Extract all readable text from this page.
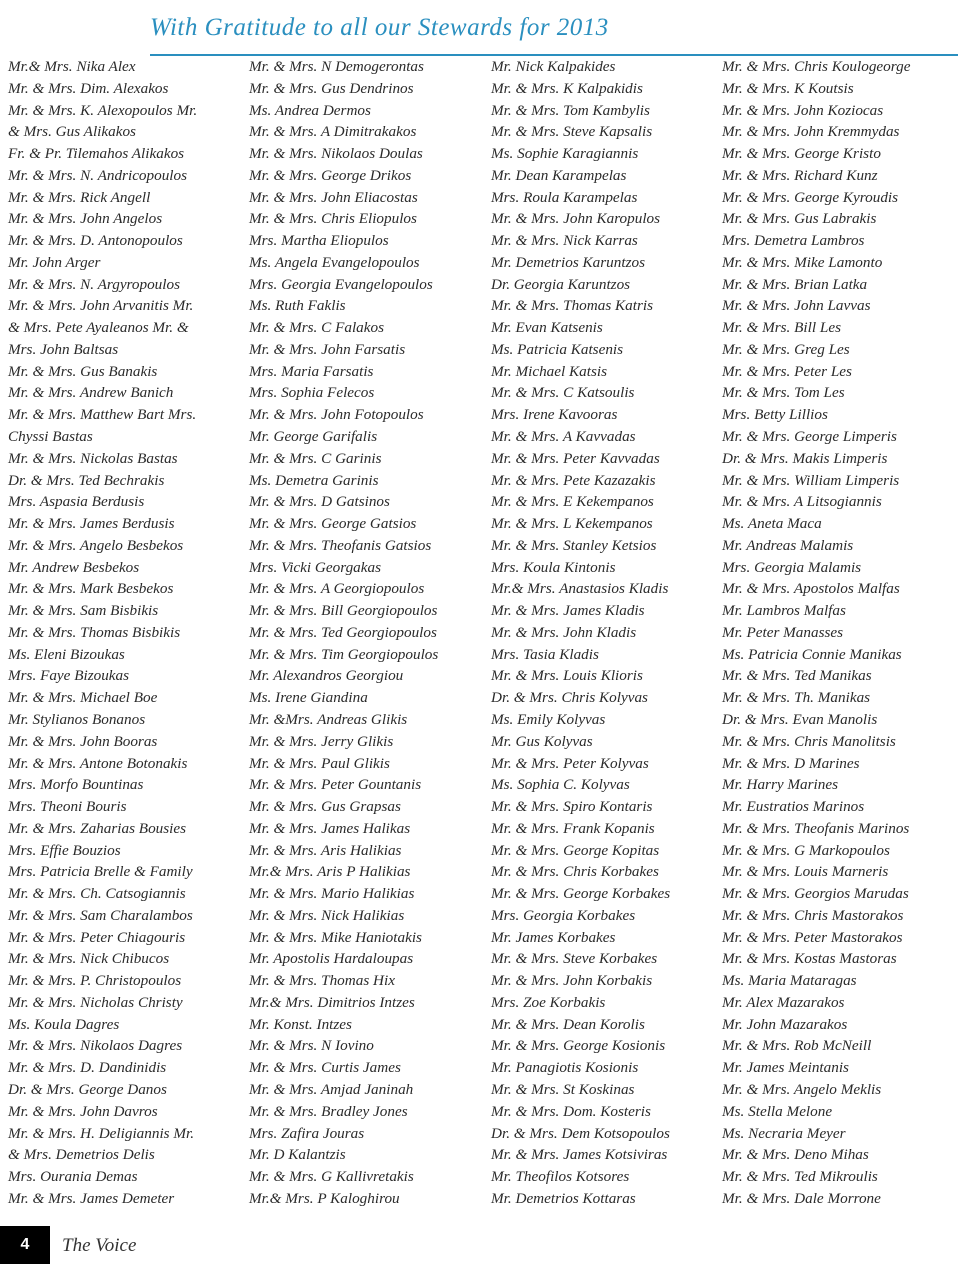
With Gratitude to all our Stewards for 2013
Mr.& Mrs. Nika Alex
Mr. & Mrs. Dim. Alexakos
Mr. & Mrs. K. Alexopoulos Mr.
& Mrs. Gus Alikakos
Fr. & Pr. Tilemahos Alikakos
Mr. & Mrs. N. Andricopoulos
Mr. & Mrs. Rick Angell
Mr. & Mrs. John Angelos
Mr. & Mrs. D. Antonopoulos
Mr. John Arger
Mr. & Mrs. N. Argyropoulos
Mr. & Mrs. John Arvanitis Mr.
& Mrs. Pete Ayaleanos Mr. &
Mrs. John Baltsas
Mr. & Mrs. Gus Banakis
Mr. & Mrs. Andrew Banich
Mr. & Mrs. Matthew Bart Mrs.
Chyssi Bastas
Mr. & Mrs. Nickolas Bastas
Dr. & Mrs. Ted Bechrakis
Mrs. Aspasia Berdusis
Mr. & Mrs. James Berdusis
Mr. & Mrs. Angelo Besbekos
Mr. Andrew Besbekos
Mr. & Mrs. Mark Besbekos
Mr. & Mrs. Sam Bisbikis
Mr. & Mrs. Thomas Bisbikis
Ms. Eleni Bizoukas
Mrs. Faye Bizoukas
Mr. & Mrs. Michael Boe
Mr. Stylianos Bonanos
Mr. & Mrs. John Booras
Mr. & Mrs. Antone Botonakis
Mrs. Morfo Bountinas
Mrs. Theoni Bouris
Mr. & Mrs. Zaharias Bousies
Mrs. Effie Bouzios
Mrs. Patricia Brelle & Family
Mr. & Mrs. Ch. Catsogiannis
Mr. & Mrs. Sam Charalambos
Mr. & Mrs. Peter Chiagouris
Mr. & Mrs. Nick Chibucos
Mr. & Mrs. P. Christopoulos
Mr. & Mrs. Nicholas Christy
Ms. Koula Dagres
Mr. & Mrs. Nikolaos Dagres
Mr. & Mrs. D. Dandinidis
Dr. & Mrs. George Danos
Mr. & Mrs. John Davros
Mr. & Mrs. H. Deligiannis Mr.
& Mrs. Demetrios Delis
Mrs. Ourania Demas
Mr. & Mrs. James Demeter
Mr. & Mrs. N Demogerontas
Mr. & Mrs. Gus Dendrinos
Ms. Andrea Dermos
Mr. & Mrs. A Dimitrakakos
Mr. & Mrs. Nikolaos Doulas
Mr. & Mrs. George Drikos
Mr. & Mrs. John Eliacostas
Mr. & Mrs. Chris Eliopulos
Mrs. Martha Eliopulos
Ms. Angela Evangelopoulos
Mrs. Georgia Evangelopoulos
Ms. Ruth Faklis
Mr. & Mrs. C Falakos
Mr. & Mrs. John Farsatis
Mrs. Maria Farsatis
Mrs. Sophia Felecos
Mr. & Mrs. John Fotopoulos
Mr. George Garifalis
Mr. & Mrs. C Garinis
Ms. Demetra Garinis
Mr. & Mrs. D Gatsinos
Mr. & Mrs. George Gatsios
Mr. & Mrs. Theofanis Gatsios
Mrs. Vicki Georgakas
Mr. & Mrs. A Georgiopoulos
Mr. & Mrs. Bill Georgiopoulos
Mr. & Mrs. Ted Georgiopoulos
Mr. & Mrs. Tim Georgiopoulos
Mr. Alexandros Georgiou
Ms. Irene Giandina
Mr. &Mrs. Andreas Glikis
Mr. & Mrs. Jerry Glikis
Mr. & Mrs. Paul Glikis
Mr. & Mrs. Peter Gountanis
Mr. & Mrs. Gus Grapsas
Mr. & Mrs. James Halikas
Mr. & Mrs. Aris Halikias
Mr.& Mrs. Aris P Halikias
Mr. & Mrs. Mario Halikias
Mr. & Mrs. Nick Halikias
Mr. & Mrs. Mike Haniotakis
Mr. Apostolis Hardaloupas
Mr. & Mrs. Thomas Hix
Mr.& Mrs. Dimitrios Intzes
Mr. Konst. Intzes
Mr. & Mrs. N Iovino
Mr. & Mrs. Curtis James
Mr. & Mrs. Amjad Janinah
Mr. & Mrs. Bradley Jones
Mrs. Zafira Jouras
Mr. D Kalantzis
Mr. & Mrs. G Kallivretakis
Mr.& Mrs. P Kaloghirou
Mr. Nick Kalpakides
Mr. & Mrs. K Kalpakidis
Mr. & Mrs. Tom Kambylis
Mr. & Mrs. Steve Kapsalis
Ms. Sophie Karagiannis
Mr. Dean Karampelas
Mrs. Roula Karampelas
Mr. & Mrs. John Karopulos
Mr. & Mrs. Nick Karras
Mr. Demetrios Karuntzos
Dr. Georgia Karuntzos
Mr. & Mrs. Thomas Katris
Mr. Evan Katsenis
Ms. Patricia Katsenis
Mr. Michael Katsis
Mr. & Mrs. C Katsoulis
Mrs. Irene Kavooras
Mr. & Mrs. A Kavvadas
Mr. & Mrs. Peter Kavvadas
Mr. & Mrs. Pete Kazazakis
Mr. & Mrs. E Kekempanos
Mr. & Mrs. L Kekempanos
Mr. & Mrs. Stanley Ketsios
Mrs. Koula Kintonis
Mr.& Mrs. Anastasios Kladis
Mr. & Mrs. James Kladis
Mr. & Mrs. John Kladis
Mrs. Tasia Kladis
Mr. & Mrs. Louis Klioris
Dr. & Mrs. Chris Kolyvas
Ms. Emily Kolyvas
Mr. Gus Kolyvas
Mr. & Mrs. Peter Kolyvas
Ms. Sophia C. Kolyvas
Mr. & Mrs. Spiro Kontaris
Mr. & Mrs. Frank Kopanis
Mr. & Mrs. George Kopitas
Mr. & Mrs. Chris Korbakes
Mr. & Mrs. George Korbakes
Mrs. Georgia Korbakes
Mr. James Korbakes
Mr. & Mrs. Steve Korbakes
Mr. & Mrs. John Korbakis
Mrs. Zoe Korbakis
Mr. & Mrs. Dean Korolis
Mr. & Mrs. George Kosionis
Mr. Panagiotis Kosionis
Mr. & Mrs. St Koskinas
Mr. & Mrs. Dom. Kosteris
Dr. & Mrs. Dem Kotsopoulos
Mr. & Mrs. James Kotsiviras
Mr. Theofilos Kotsores
Mr. Demetrios Kottaras
Mr. & Mrs. Chris Koulogeorge
Mr. & Mrs. K Koutsis
Mr. & Mrs. John Koziocas
Mr. & Mrs. John Kremmydas
Mr. & Mrs. George Kristo
Mr. & Mrs. Richard Kunz
Mr. & Mrs. George Kyroudis
Mr. & Mrs. Gus Labrakis
Mrs. Demetra Lambros
Mr. & Mrs. Mike Lamonto
Mr. & Mrs. Brian Latka
Mr. & Mrs. John Lavvas
Mr. & Mrs. Bill Les
Mr. & Mrs. Greg Les
Mr. & Mrs. Peter Les
Mr. & Mrs. Tom Les
Mrs. Betty Lillios
Mr. & Mrs. George Limperis
Dr. & Mrs. Makis Limperis
Mr. & Mrs. William Limperis
Mr. & Mrs. A Litsogiannis
Ms. Aneta Maca
Mr. Andreas Malamis
Mrs. Georgia Malamis
Mr. & Mrs. Apostolos Malfas
Mr. Lambros Malfas
Mr. Peter Manasses
Ms. Patricia Connie Manikas
Mr. & Mrs. Ted Manikas
Mr. & Mrs. Th. Manikas
Dr. & Mrs. Evan Manolis
Mr. & Mrs. Chris Manolitsis
Mr. & Mrs. D Marines
Mr. Harry Marines
Mr. Eustratios Marinos
Mr. & Mrs. Theofanis Marinos
Mr. & Mrs. G Markopoulos
Mr. & Mrs. Louis Marneris
Mr. & Mrs. Georgios Marudas
Mr. & Mrs. Chris Mastorakos
Mr. & Mrs. Peter Mastorakos
Mr. & Mrs. Kostas Mastoras
Ms. Maria Mataragas
Mr. Alex Mazarakos
Mr. John Mazarakos
Mr. & Mrs. Rob McNeill
Mr. James Meintanis
Mr. & Mrs. Angelo Meklis
Ms. Stella Melone
Ms. Necraria Meyer
Mr. & Mrs. Deno Mihas
Mr. & Mrs. Ted Mikroulis
Mr. & Mrs. Dale Morrone
4	The Voice
